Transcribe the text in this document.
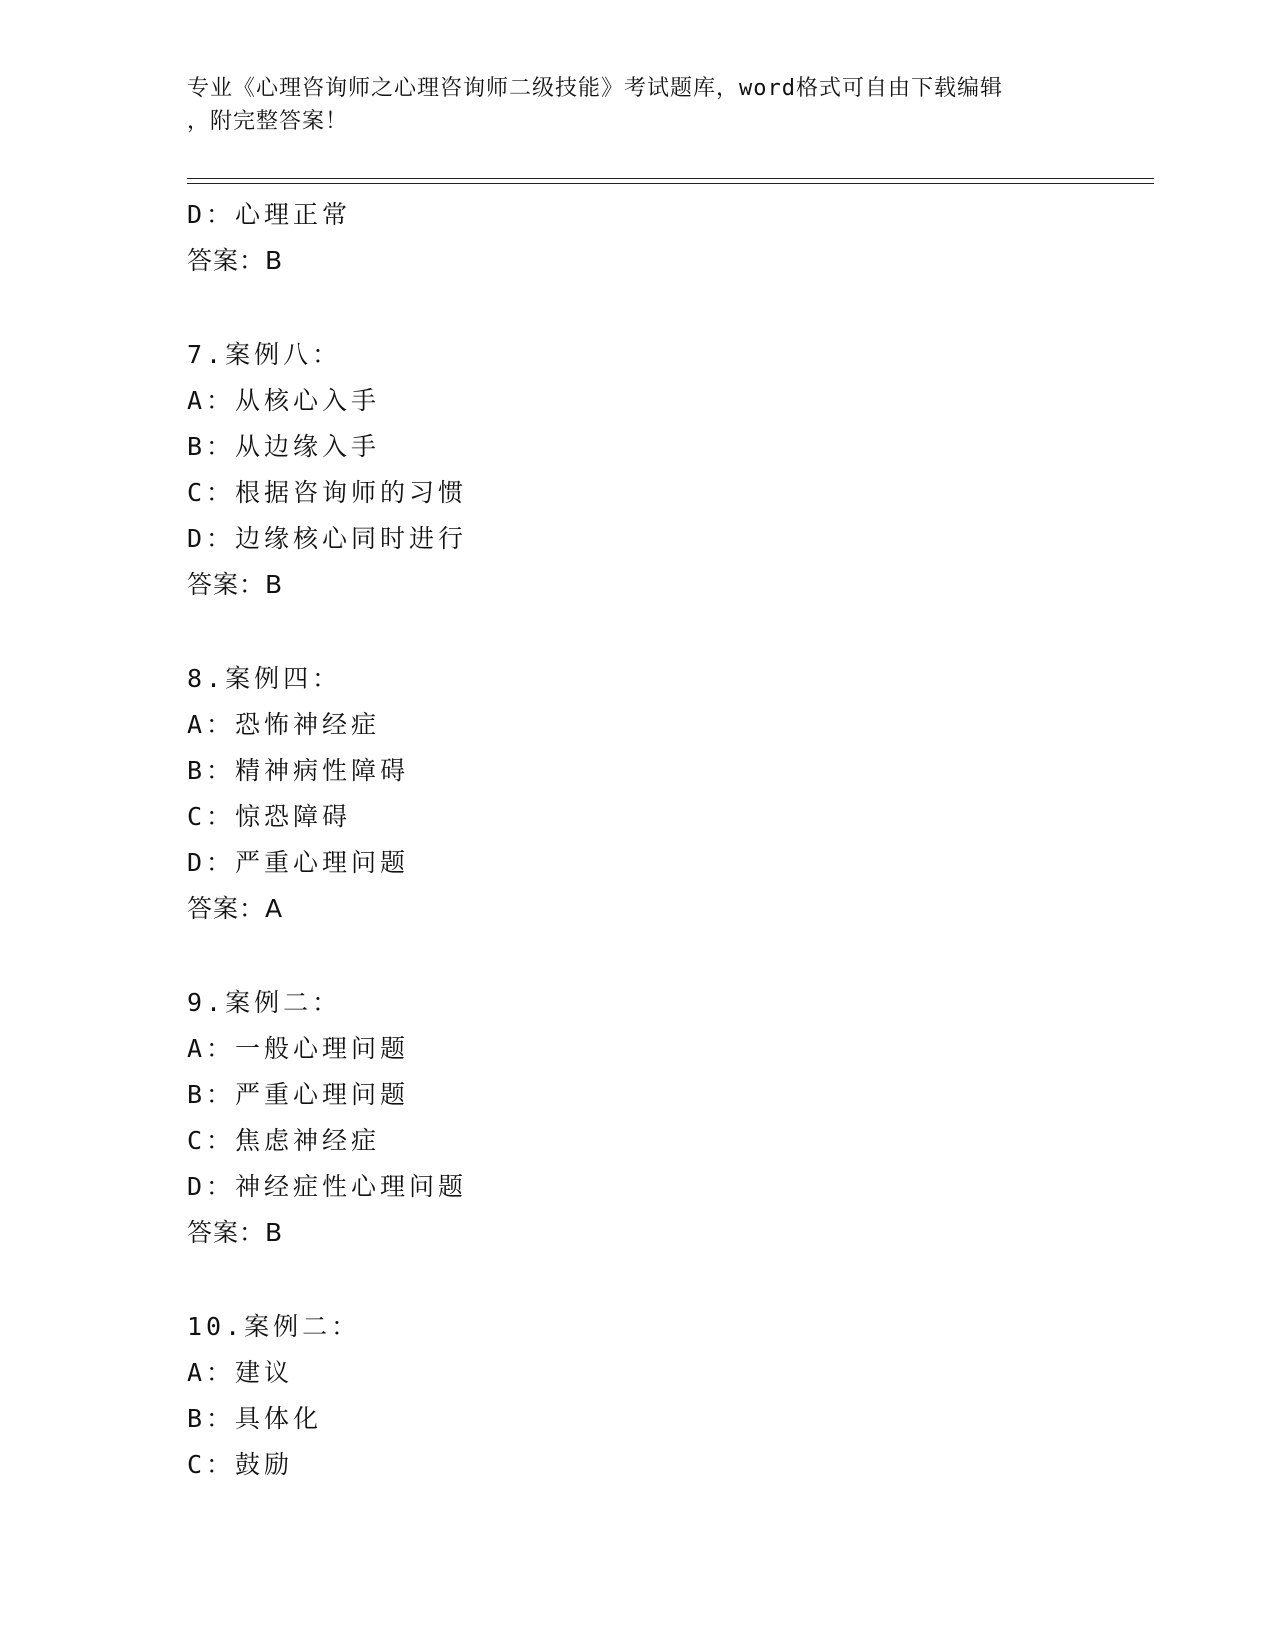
专业《心理咨询师之心理咨询师二级技能》考试题库，word格式可自由下载编辑
，附完整答案！
D：心理正常
答案：B
7.案例八：
A：从核心入手
B：从边缘入手
C：根据咨询师的习惯
D：边缘核心同时进行
答案：B
8.案例四：
A：恐怖神经症
B：精神病性障碍
C：惊恐障碍
D：严重心理问题
答案：A
9.案例二：
A：一般心理问题
B：严重心理问题
C：焦虑神经症
D：神经症性心理问题
答案：B
10.案例二：
A：建议
B：具体化
C：鼓励
